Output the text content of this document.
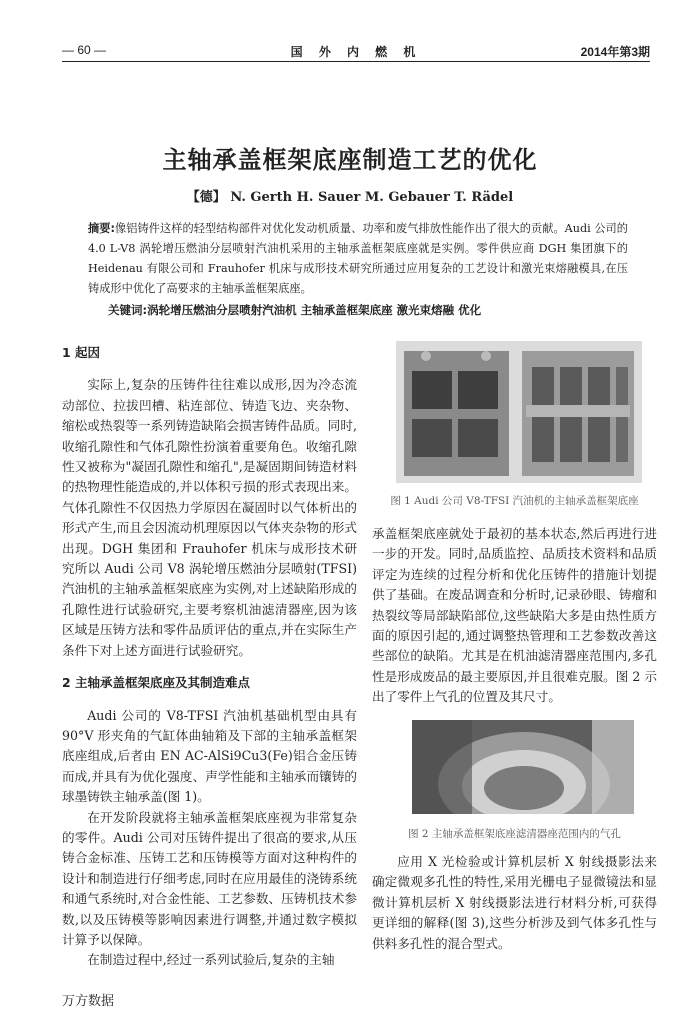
— 60 —	国 外 内 燃 机	2014年第3期
主轴承盖框架底座制造工艺的优化
【德】 N. Gerth H. Sauer M. Gebauer T. Rädel
摘要:像铝铸件这样的轻型结构部件对优化发动机质量、功率和废气排放性能作出了很大的贡献。Audi 公司的 4.0 L-V8 涡轮增压燃油分层喷射汽油机采用的主轴承盖框架底座就是实例。零件供应商 DGH 集团旗下的 Heidenau 有限公司和 Frauhofer 机床与成形技术研究所通过应用复杂的工艺设计和激光束熔融模具,在压铸成形中优化了高要求的主轴承盖框架底座。
关键词:涡轮增压燃油分层喷射汽油机 主轴承盖框架底座 激光束熔融 优化

1 起因

实际上,复杂的压铸件往往难以成形,因为冷态流动部位、拉拔凹槽、粘连部位、铸造飞边、夹杂物、缩松或热裂等一系列铸造缺陷会损害铸件品质。同时,收缩孔隙性和气体孔隙性扮演着重要角色。收缩孔隙性又被称为"凝固孔隙性和缩孔",是凝固期间铸造材料的热物理性能造成的,并以体积亏损的形式表现出来。气体孔隙性不仅因热力学原因在凝固时以气体析出的形式产生,而且会因流动机理原因以气体夹杂物的形式出现。DGH 集团和 Frauhofer 机床与成形技术研究所以 Audi 公司 V8 涡轮增压燃油分层喷射(TFSI)汽油机的主轴承盖框架底座为实例,对上述缺陷形成的孔隙性进行试验研究,主要考察机油滤清器座,因为该区域是压铸方法和零件品质评估的重点,并在实际生产条件下对上述方面进行试验研究。

2 主轴承盖框架底座及其制造难点

Audi 公司的 V8-TFSI 汽油机基础机型由具有 90°V 形夹角的气缸体曲轴箱及下部的主轴承盖框架底座组成,后者由 EN AC-AlSi9Cu3(Fe)铝合金压铸而成,并具有为优化强度、声学性能和主轴承而镶铸的球墨铸铁主轴承盖(图 1)。

在开发阶段就将主轴承盖框架底座视为非常复杂的零件。Audi 公司对压铸件提出了很高的要求,从压铸合金标准、压铸工艺和压铸模等方面对这种构件的设计和制造进行仔细考虑,同时在应用最佳的浇铸系统和通气系统时,对合金性能、工艺参数、压铸机技术参数,以及压铸模等影响因素进行调整,并通过数字模拟计算予以保障。

在制造过程中,经过一系列试验后,复杂的主轴

图 1 Audi 公司 V8-TFSI 汽油机的主轴承盖框架底座

承盖框架底座就处于最初的基本状态,然后再进行进一步的开发。同时,品质监控、品质技术资料和品质评定为连续的过程分析和优化压铸件的措施计划提供了基础。在废品调查和分析时,记录砂眼、铸瘤和热裂纹等局部缺陷部位,这些缺陷大多是由热性质方面的原因引起的,通过调整热管理和工艺参数改善这些部位的缺陷。尤其是在机油滤清器座范围内,多孔性是形成废品的最主要原因,并且很难克服。图 2 示出了零件上气孔的位置及其尺寸。

图 2 主轴承盖框架底座滤清器座范围内的气孔

应用 X 光检验或计算机层析 X 射线摄影法来确定微观多孔性的特性,采用光栅电子显微镜法和显微计算机层析 X 射线摄影法进行材料分析,可获得更详细的解释(图 3),这些分析涉及到气体多孔性与供料多孔性的混合型式。

万方数据
